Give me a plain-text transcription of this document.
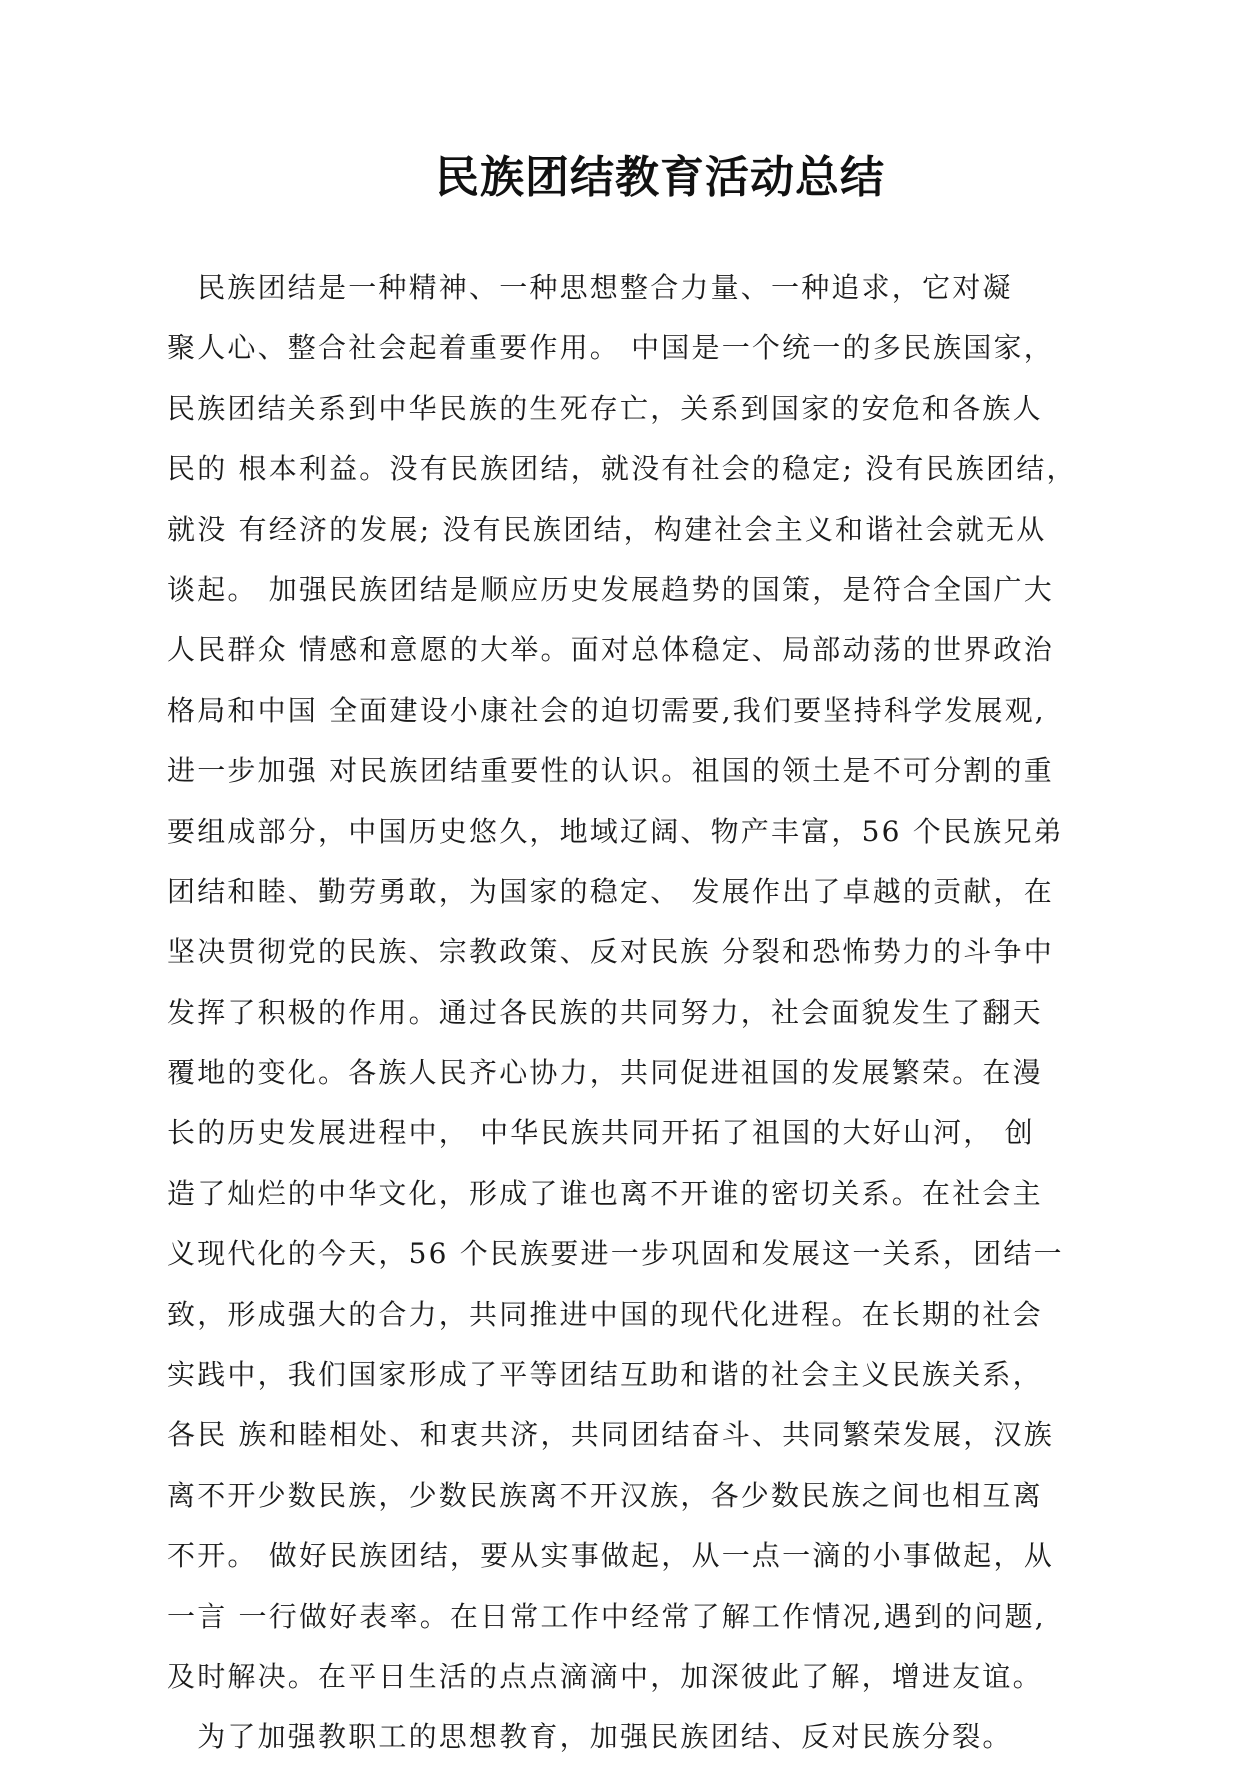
民族团结教育活动总结
　民族团结是一种精神、一种思想整合力量、一种追求，它对凝
聚人心、整合社会起着重要作用。 中国是一个统一的多民族国家，
民族团结关系到中华民族的生死存亡，关系到国家的安危和各族人
民的 根本利益。没有民族团结，就没有社会的稳定; 没有民族团结，
就没 有经济的发展; 没有民族团结，构建社会主义和谐社会就无从
谈起。 加强民族团结是顺应历史发展趋势的国策，是符合全国广大
人民群众 情感和意愿的大举。面对总体稳定、局部动荡的世界政治
格局和中国 全面建设小康社会的迫切需要,我们要坚持科学发展观,
进一步加强 对民族团结重要性的认识。祖国的领土是不可分割的重
要组成部分，中国历史悠久，地域辽阔、物产丰富，56 个民族兄弟
团结和睦、勤劳勇敢，为国家的稳定、 发展作出了卓越的贡献，在
坚决贯彻党的民族、宗教政策、反对民族 分裂和恐怖势力的斗争中
发挥了积极的作用。通过各民族的共同努力，社会面貌发生了翻天
覆地的变化。各族人民齐心协力，共同促进祖国的发展繁荣。在漫
长的历史发展进程中， 中华民族共同开拓了祖国的大好山河， 创
造了灿烂的中华文化，形成了谁也离不开谁的密切关系。在社会主
义现代化的今天，56 个民族要进一步巩固和发展这一关系，团结一
致，形成强大的合力，共同推进中国的现代化进程。在长期的社会
实践中，我们国家形成了平等团结互助和谐的社会主义民族关系，
各民 族和睦相处、和衷共济，共同团结奋斗、共同繁荣发展，汉族
离不开少数民族，少数民族离不开汉族，各少数民族之间也相互离
不开。 做好民族团结，要从实事做起，从一点一滴的小事做起，从
一言 一行做好表率。在日常工作中经常了解工作情况,遇到的问题,
及时解决。在平日生活的点点滴滴中，加深彼此了解，增进友谊。
　为了加强教职工的思想教育，加强民族团结、反对民族分裂。
